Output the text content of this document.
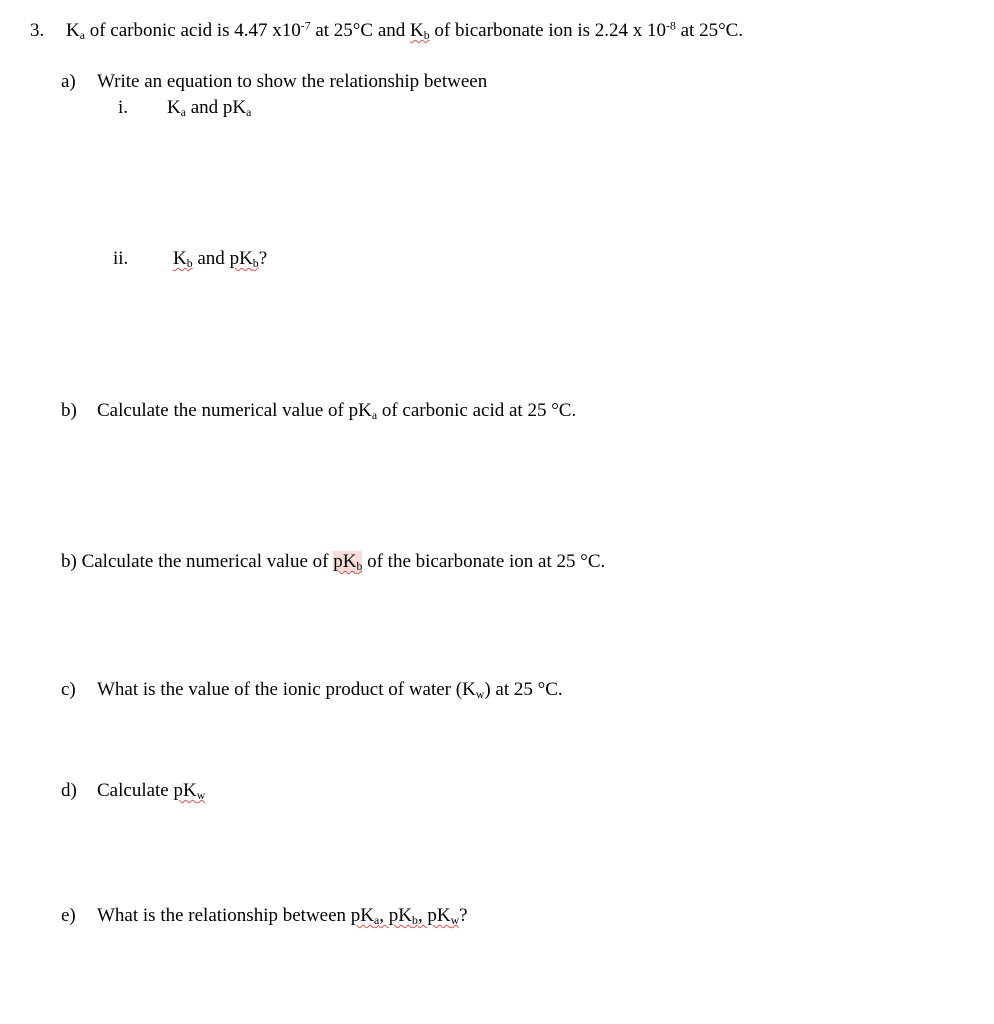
3. $K_a$ of carbonic acid is 4.47 $x10^{-7}$ at 25°C and $K_b$ of bicarbonate ion is 2.24 x $10^{-8}$ at 25°C.
a) Write an equation to show the relationship between
i. $K_a$ and $pK_a$
ii. $K_b$ and $pK_b$?
b) Calculate the numerical value of $pK_a$ of carbonic acid at 25 °C.
b) Calculate the numerical value of $pK_b$ of the bicarbonate ion at 25 °C.
c) What is the value of the ionic product of water $(K_w)$ at 25 °C.
d) Calculate $pK_w$
e) What is the relationship between $pK_a$, $pK_b$, $pK_w$?
